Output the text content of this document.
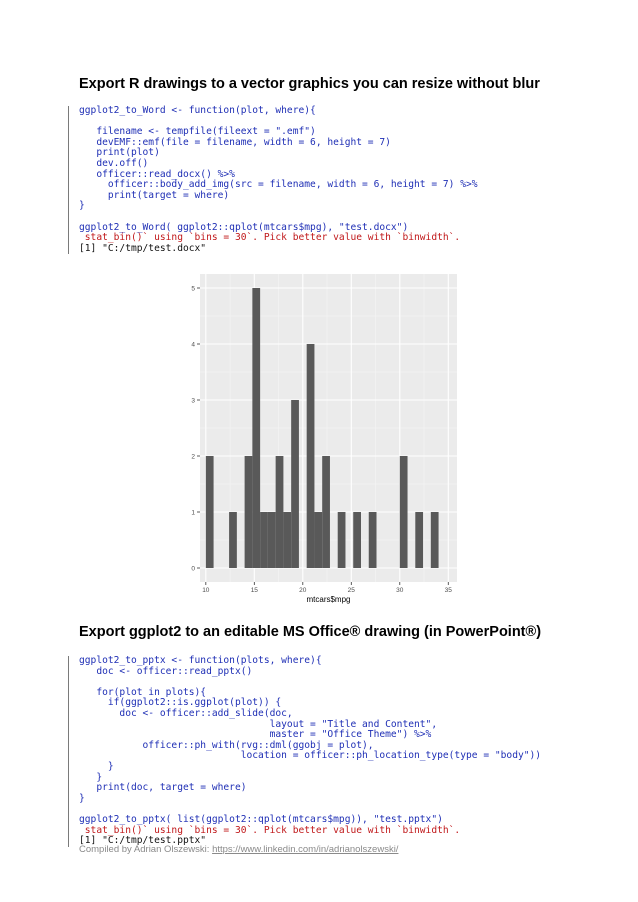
Export R drawings to a vector graphics you can resize without blur
ggplot2_to_Word <- function(plot, where){
filename <- tempfile(fileext = ".emf")
devEMF::emf(file = filename, width = 6, height = 7)
print(plot)
dev.off()
officer::read_docx() %>%
officer::body_add_img(src = filename, width = 6, height = 7) %>%
print(target = where)
}
ggplot2_to_Word( ggplot2::qplot(mtcars$mpg), "test.docx")
stat_bin()` using `bins = 30`. Pick better value with `binwidth`.
[1] "C:/tmp/test.docx"
0
1
2
3
4
5
10	15	20	25	30	35
mtcars$mpg
Export ggplot2 to an editable MS Office® drawing (in PowerPoint®)
ggplot2_to_pptx <- function(plots, where){
doc <- officer::read_pptx()
for(plot in plots){
if(ggplot2::is.ggplot(plot)) {
doc <- officer::add_slide(doc,
layout = "Title and Content",
master = "Office Theme") %>%
officer::ph_with(rvg::dml(ggobj = plot),
location = officer::ph_location_type(type = "body"))
}
}
print(doc, target = where)
}
ggplot2_to_pptx( list(ggplot2::qplot(mtcars$mpg)), "test.pptx")
stat_bin()` using `bins = 30`. Pick better value with `binwidth`.
[1] "C:/tmp/test.pptx"
Compiled by Adrian Olszewski: https://www.linkedin.com/in/adrianolszewski/
